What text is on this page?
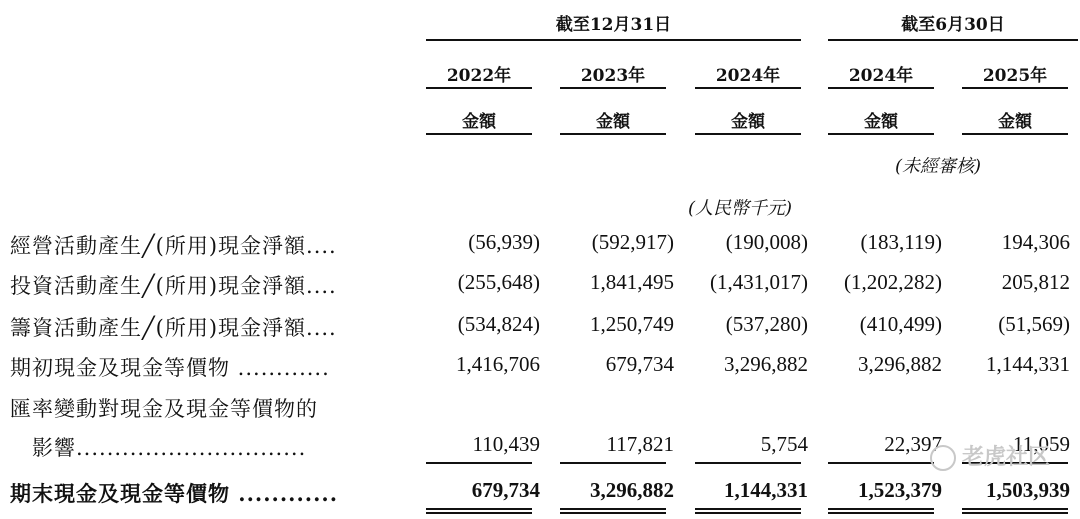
截至12月31日	截至6月30日
2022年	2023年	2024年	2024年	2025年
金額	金額	金額	金額	金額
(未經審核)
(人民幣千元)
經營活動產生╱(所用)現金淨額....	(56,939) (592,917) (190,008)	(183,119)	194,306
投資活動產生╱(所用)現金淨額....	(255,648) 1,841,495 (1,431,017) (1,202,282)	205,812
籌資活動產生╱(所用)現金淨額....	(534,824) 1,250,749 (537,280) (410,499)	(51,569)
期初現金及現金等價物 ............	1,416,706	679,734 3,296,882 3,296,882 1,144,331
匯率變動對現金及現金等價物的
　影響..............................	110,439	117,821	5,754	22,397	11,059
期末現金及現金等價物 ............	679,734 3,296,882 1,144,331 1,523,379 1,503,939
老虎社区
